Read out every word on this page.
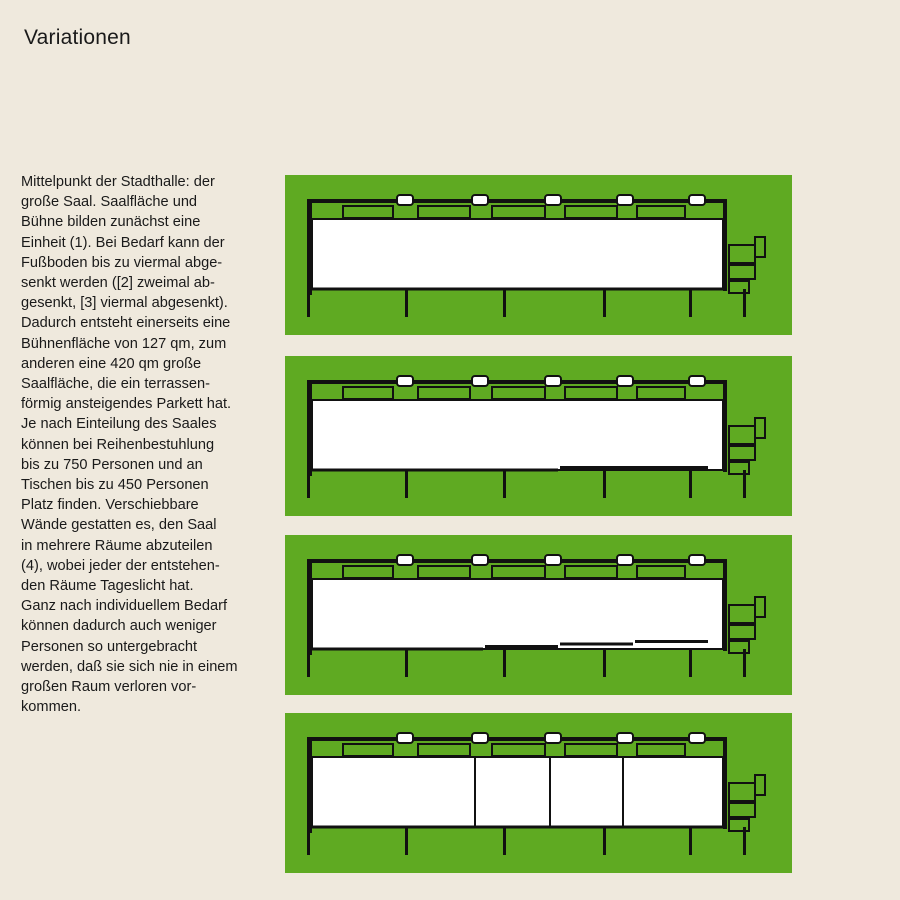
Variationen

Mittelpunkt der Stadthalle: der
große Saal. Saalfläche und
Bühne bilden zunächst eine
Einheit (1). Bei Bedarf kann der
Fußboden bis zu viermal abge-
senkt werden ([2] zweimal ab-
gesenkt, [3] viermal abgesenkt).
Dadurch entsteht einerseits eine
Bühnenfläche von 127 qm, zum
anderen eine 420 qm große
Saalfläche, die ein terrassen-
förmig ansteigendes Parkett hat.
Je nach Einteilung des Saales
können bei Reihenbestuhlung
bis zu 750 Personen und an
Tischen bis zu 450 Personen
Platz finden. Verschiebbare
Wände gestatten es, den Saal
in mehrere Räume abzuteilen
(4), wobei jeder der entstehen-
den Räume Tageslicht hat.
Ganz nach individuellem Bedarf
können dadurch auch weniger
Personen so untergebracht
werden, daß sie sich nie in einem
großen Raum verloren vor-
kommen.
